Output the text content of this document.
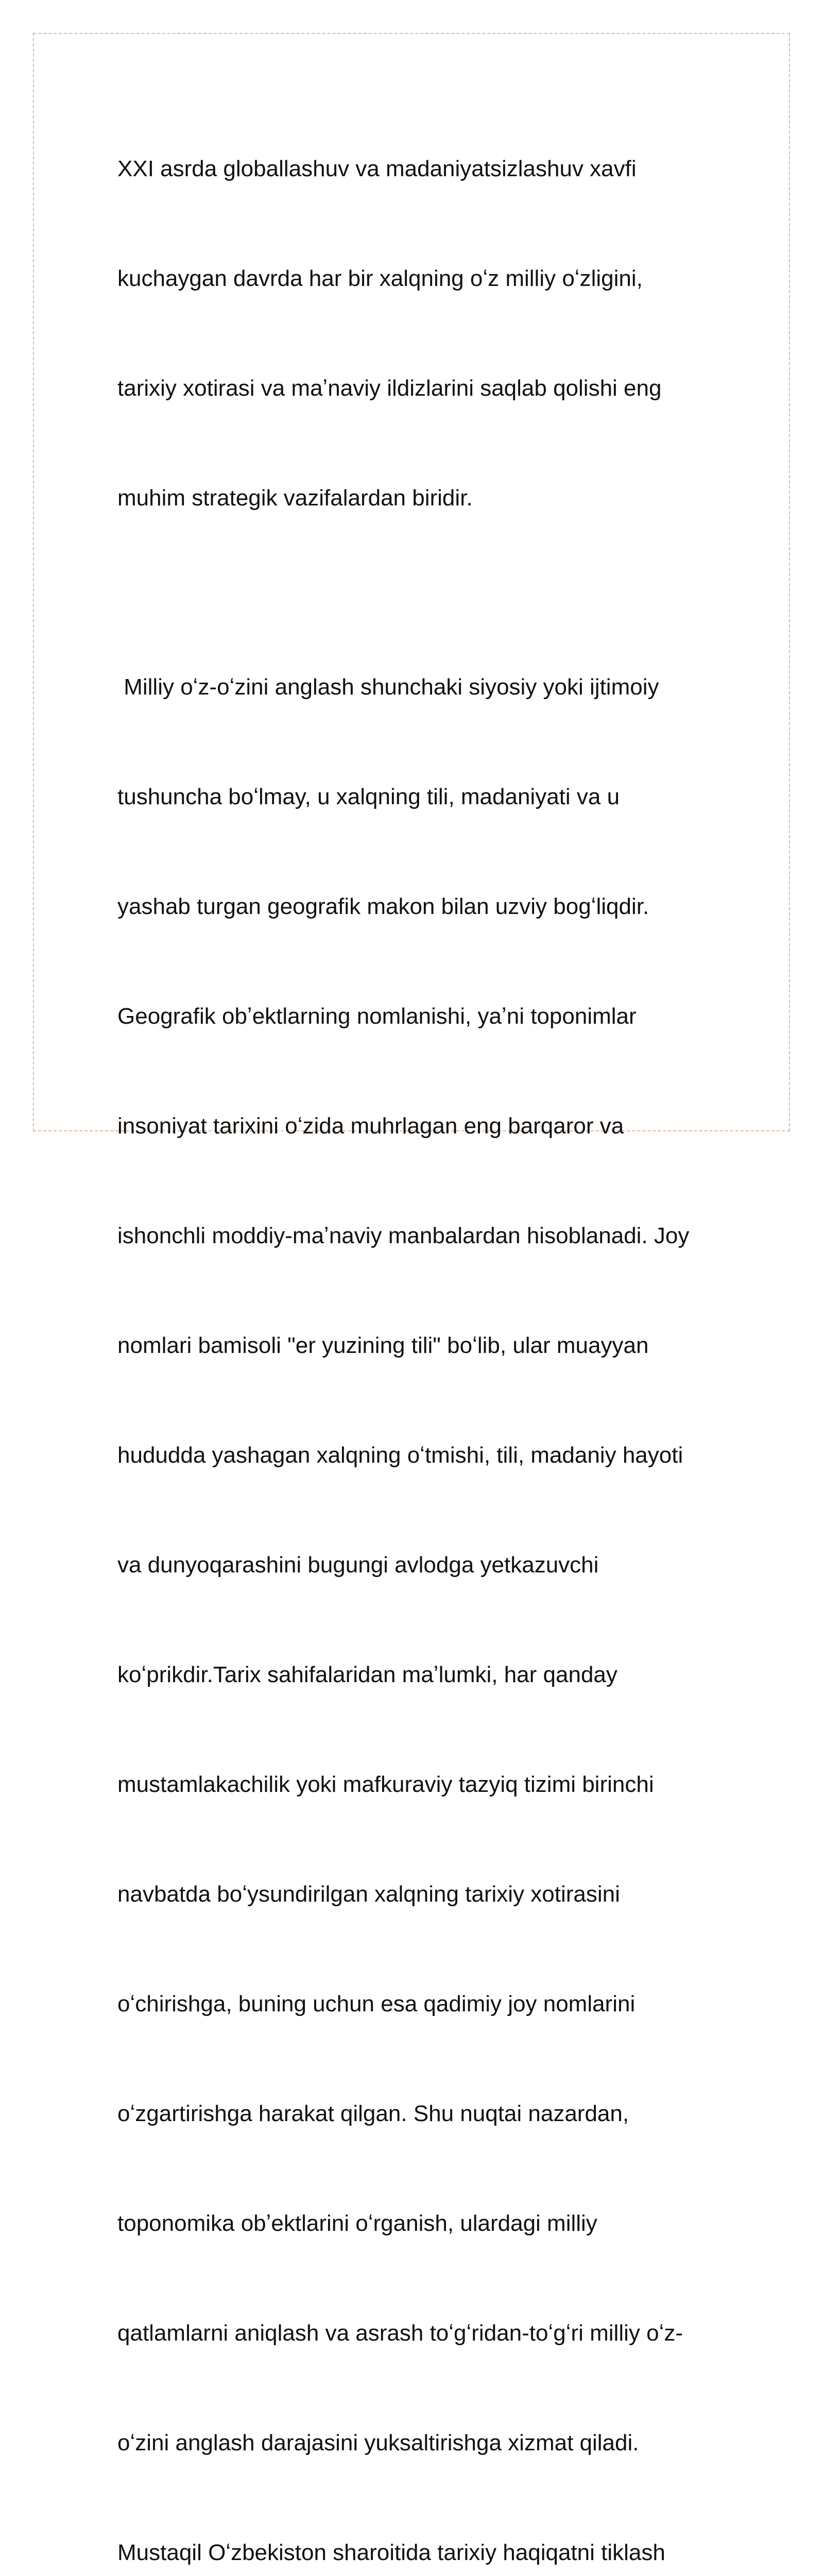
XXI asrda globallashuv va madaniyatsizlashuv xavfi

kuchaygan davrda har bir xalqning oʻz milliy oʻzligini,

tarixiy xotirasi va maʼnaviy ildizlarini saqlab qolishi eng

muhim strategik vazifalardan biridir.

Milliy oʻz-oʻzini anglash shunchaki siyosiy yoki ijtimoiy

tushuncha boʻlmay, u xalqning tili, madaniyati va u

yashab turgan geografik makon bilan uzviy bogʻliqdir.

Geografik obʼektlarning nomlanishi, yaʼni toponimlar

insoniyat tarixini oʻzida muhrlagan eng barqaror va

ishonchli moddiy-maʼnaviy manbalardan hisoblanadi. Joy

nomlari bamisoli "er yuzining tili" boʻlib, ular muayyan

hududda yashagan xalqning oʻtmishi, tili, madaniy hayoti

va dunyoqarashini bugungi avlodga yetkazuvchi

koʻprikdir.Tarix sahifalaridan maʼlumki, har qanday

mustamlakachilik yoki mafkuraviy tazyiq tizimi birinchi

navbatda boʻysundirilgan xalqning tarixiy xotirasini

oʻchirishga, buning uchun esa qadimiy joy nomlarini

oʻzgartirishga harakat qilgan. Shu nuqtai nazardan,

toponomika obʼektlarini oʻrganish, ulardagi milliy

qatlamlarni aniqlash va asrash toʻgʻridan-toʻgʻri milliy oʻz-

oʻzini anglash darajasini yuksaltirishga xizmat qiladi.

Mustaqil Oʻzbekiston sharoitida tarixiy haqiqatni tiklash
